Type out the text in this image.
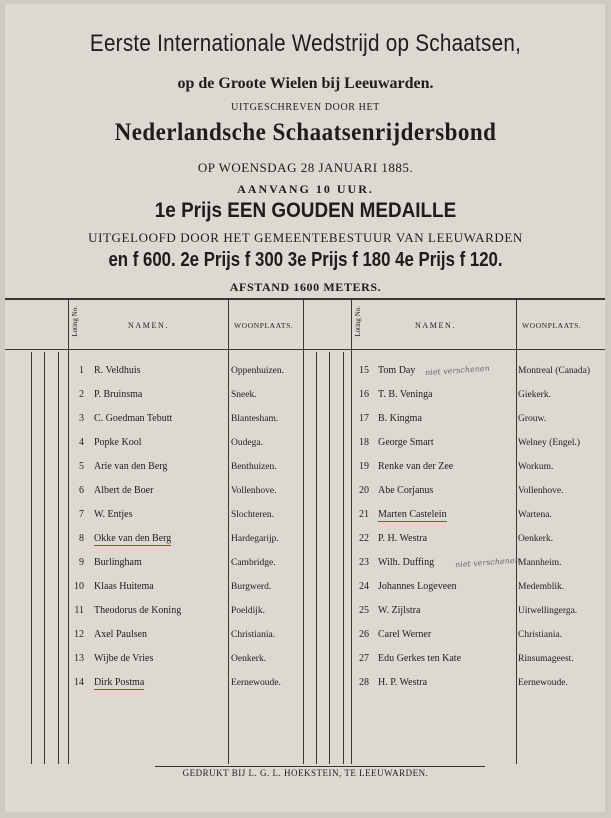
Eerste Internationale Wedstrijd op Schaatsen,
op de Groote Wielen bij Leeuwarden.
UITGESCHREVEN DOOR HET
Nederlandsche Schaatsenrijdersbond
OP WOENSDAG 28 JANUARI 1885.
AANVANG 10 UUR.
1e Prijs EEN GOUDEN MEDAILLE
UITGELOOFD DOOR HET GEMEENTEBESTUUR VAN LEEUWARDEN
en f 600. 2e Prijs f 300 3e Prijs f 180 4e Prijs f 120.
AFSTAND 1600 METERS.
Loting No.	NAMEN.	WOONPLAATS.	Loting No.	NAMEN.	WOONPLAATS.
1 R. Veldhuis	Oppenhuizen.
2 P. Bruinsma	Sneek.
3 C. Goedman Tebutt	Blantesham.
4 Popke Kool	Oudega.
5 Arie van den Berg	Benthuizen.
6 Albert de Boer	Vollenhove.
7 W. Entjes	Slochteren.
8 Okke van den Berg	Hardegarijp.
9 Burlingham	Cambridge.
10 Klaas Huitema	Burgwerd.
11 Theodorus de Koning	Poeldijk.
12 Axel Paulsen	Christiania.
13 Wijbe de Vries	Oenkerk.
14 Dirk Postma	Eernewoude.
15 Tom Day	Montreal (Canada)
16 T. B. Veninga	Giekerk.
17 B. Kingma	Grouw.
18 George Smart	Welney (Engel.)
19 Renke van der Zee	Workum.
20 Abe Corjanus	Vollenhove.
21 Marten Castelein	Wartena.
22 P. H. Westra	Oenkerk.
23 Wilh. Duffing	Mannheim.
24 Johannes Logeveen	Medemblik.
25 W. Zijlstra	Uitwellingerga.
26 Carel Werner	Christiania.
27 Edu Gerkes ten Kate	Rinsumageest.
28 H. P. Westra	Eernewoude.
niet verschenen
niet verschenen
GEDRUKT BIJ L. G. L. HOEKSTEIN, TE LEEUWARDEN.
